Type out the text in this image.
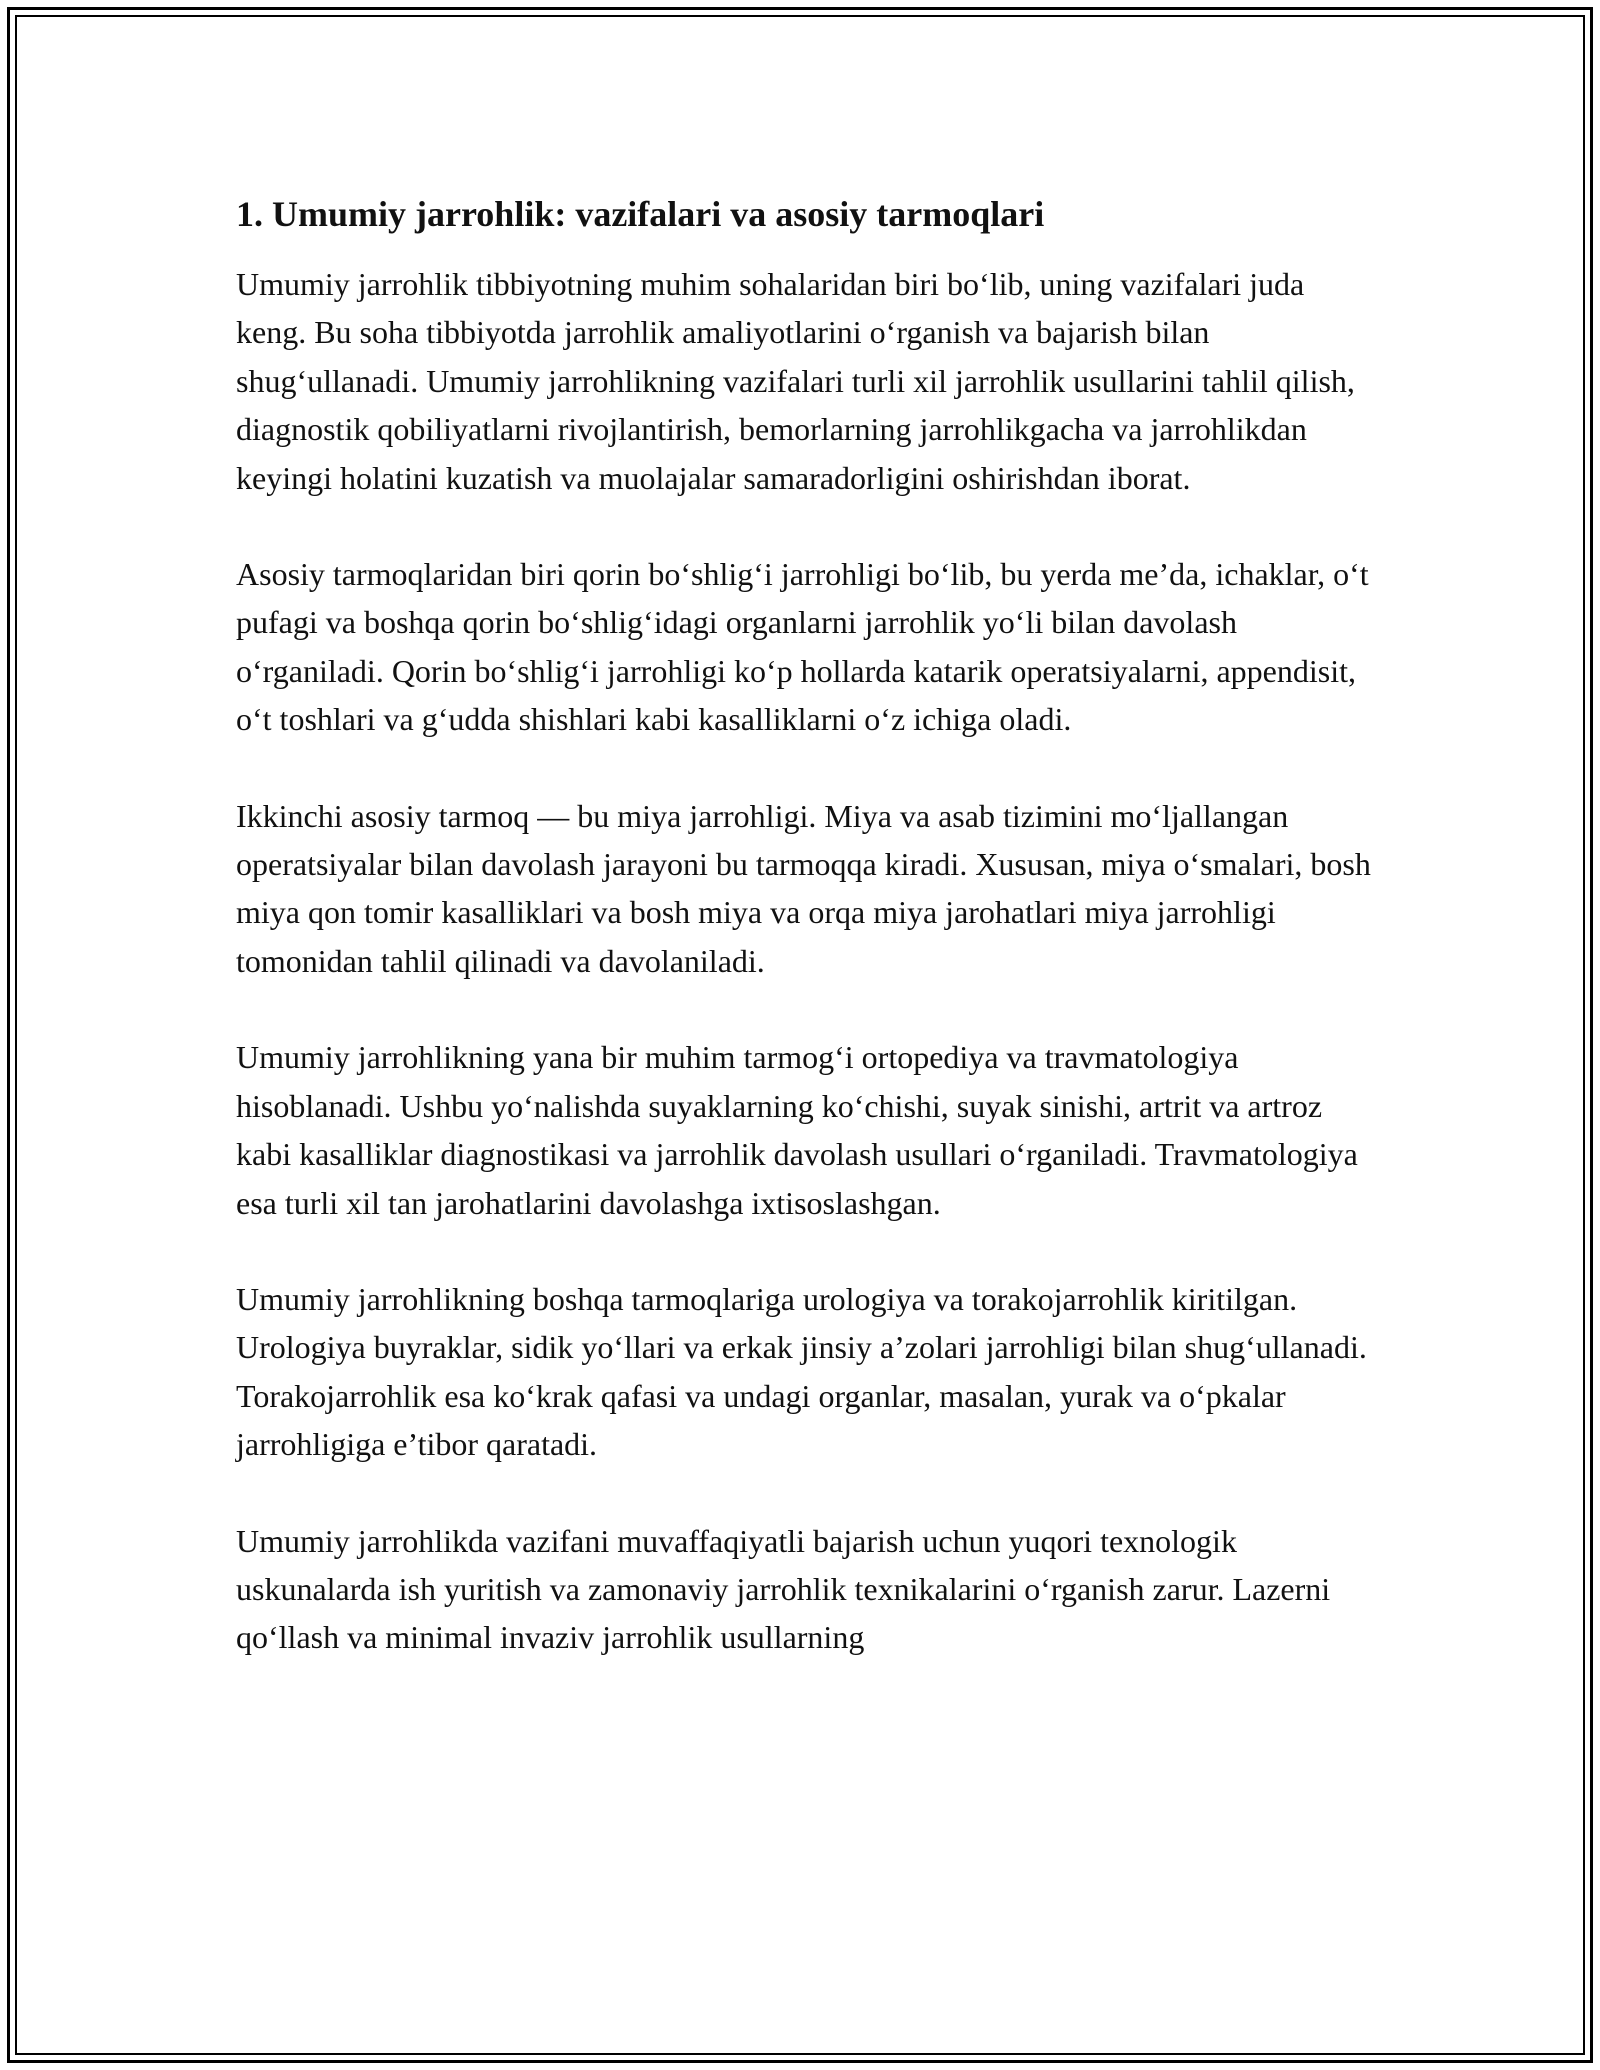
1. Umumiy jarrohlik: vazifalari va asosiy tarmoqlari

Umumiy jarrohlik tibbiyotning muhim sohalaridan biri bo‘lib, uning vazifalari juda keng. Bu soha tibbiyotda jarrohlik amaliyotlarini o‘rganish va bajarish bilan shug‘ullanadi. Umumiy jarrohlikning vazifalari turli xil jarrohlik usullarini tahlil qilish, diagnostik qobiliyatlarni rivojlantirish, bemorlarning jarrohlikgacha va jarrohlikdan keyingi holatini kuzatish va muolajalar samaradorligini oshirishdan iborat.

Asosiy tarmoqlaridan biri qorin bo‘shlig‘i jarrohligi bo‘lib, bu yerda me’da, ichaklar, o‘t pufagi va boshqa qorin bo‘shlig‘idagi organlarni jarrohlik yo‘li bilan davolash o‘rganiladi. Qorin bo‘shlig‘i jarrohligi ko‘p hollarda katarik operatsiyalarni, appendisit, o‘t toshlari va g‘udda shishlari kabi kasalliklarni o‘z ichiga oladi.

Ikkinchi asosiy tarmoq — bu miya jarrohligi. Miya va asab tizimini mo‘ljallangan operatsiyalar bilan davolash jarayoni bu tarmoqqa kiradi. Xususan, miya o‘smalari, bosh miya qon tomir kasalliklari va bosh miya va orqa miya jarohatlari miya jarrohligi tomonidan tahlil qilinadi va davolaniladi.

Umumiy jarrohlikning yana bir muhim tarmog‘i ortopediya va travmatologiya hisoblanadi. Ushbu yo‘nalishda suyaklarning ko‘chishi, suyak sinishi, artrit va artroz kabi kasalliklar diagnostikasi va jarrohlik davolash usullari o‘rganiladi. Travmatologiya esa turli xil tan jarohatlarini davolashga ixtisoslashgan.

Umumiy jarrohlikning boshqa tarmoqlariga urologiya va torakojarrohlik kiritilgan. Urologiya buyraklar, sidik yo‘llari va erkak jinsiy a’zolari jarrohligi bilan shug‘ullanadi. Torakojarrohlik esa ko‘krak qafasi va undagi organlar, masalan, yurak va o‘pkalar jarrohligiga e’tibor qaratadi.

Umumiy jarrohlikda vazifani muvaffaqiyatli bajarish uchun yuqori texnologik uskunalarda ish yuritish va zamonaviy jarrohlik texnikalarini o‘rganish zarur. Lazerni qo‘llash va minimal invaziv jarrohlik usullarning
